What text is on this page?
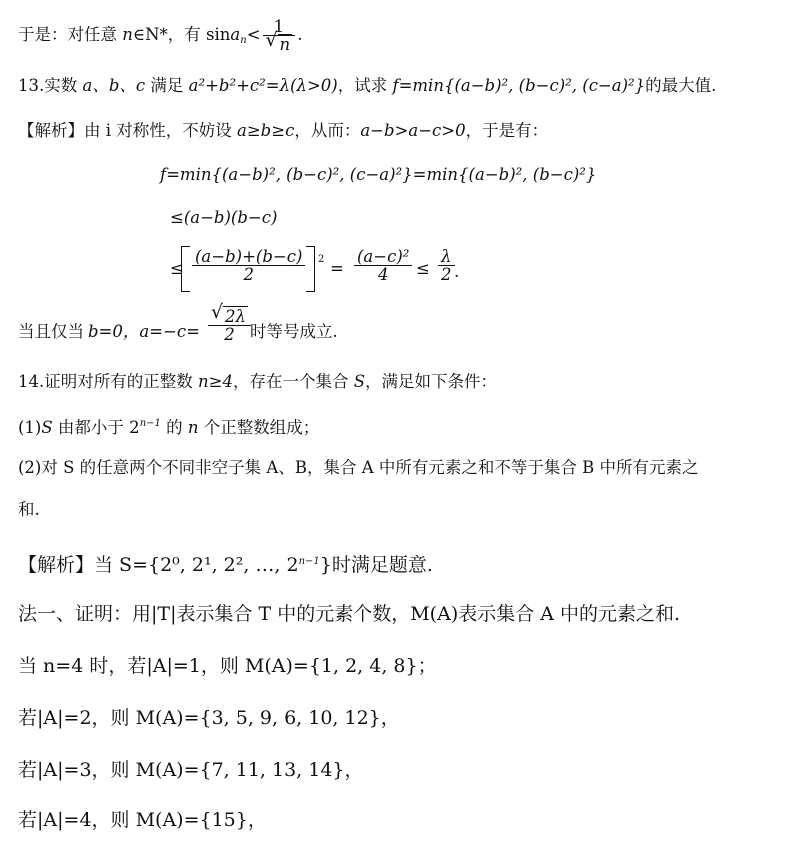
于是：对任意 n∈N*，有 $\sin a_n< \frac{1}{√ n}$ .
13.实数 a、b、c 满足 a²+b²+c²=λ(λ>0)，试求 f=min{(a−b)², (b−c)², (c−a)²}的最大值.
【解析】由 i 对称性，不妨设 a≥b≥c，从而：a−b>a−c>0，于是有：
f=min{(a−b)², (b−c)², (c−a)²}=min{(a−b)², (b−c)²}
≤(a−b)(b−c)
≤ $\frac{(a-b)+(b-c)}{2} 2 = \frac{\text{(a−c)²}}{4} \le \frac{\lambda}{2}$ .
当且仅当 b=0，$a=-c= \frac{√ 2\lambda}{2}$ 时等号成立.
14.证明对所有的正整数 n≥4，存在一个集合 S，满足如下条件：
(1)S 由都小于 $2^{n-1}$ 的 n 个正整数组成；
(2)对 S 的任意两个不同非空子集 A、B，集合 A 中所有元素之和不等于集合 B 中所有元素之
和.
【解析】当 S={2⁰, 2¹, 2², …, $2^{n-1}$}时满足题意.
法一、证明：用|T|表示集合 T 中的元素个数，M(A)表示集合 A 中的元素之和.
当 n=4 时，若|A|=1，则 M(A)={1, 2, 4, 8}；
若|A|=2，则 M(A)={3, 5, 9, 6, 10, 12}，
若|A|=3，则 M(A)={7, 11, 13, 14}，
若|A|=4，则 M(A)={15}，
